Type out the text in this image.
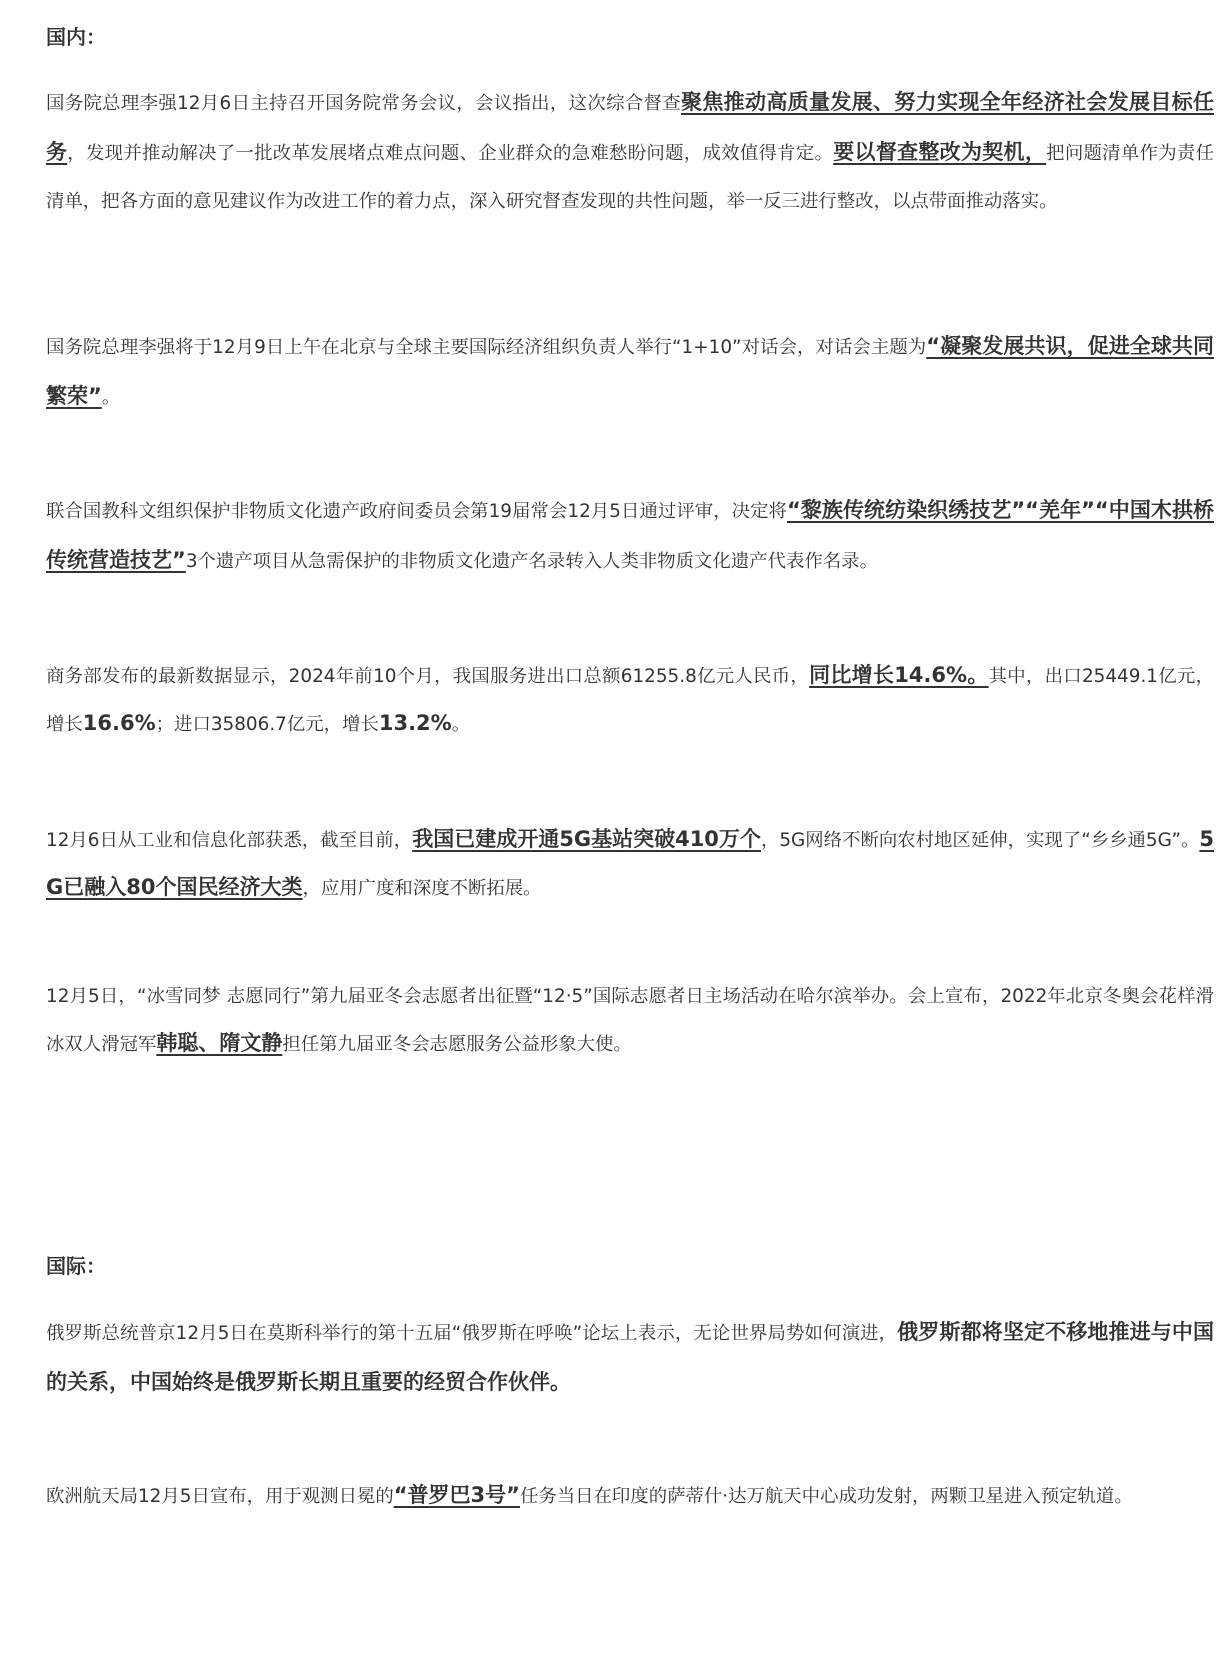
国内：

国务院总理李强12月6日主持召开国务院常务会议，会议指出，这次综合督查聚焦推动高质量发展、努力实现全年经济社会发展目标任务，发现并推动解决了一批改革发展堵点难点问题、企业群众的急难愁盼问题，成效值得肯定。要以督查整改为契机，把问题清单作为责任清单，把各方面的意见建议作为改进工作的着力点，深入研究督查发现的共性问题，举一反三进行整改，以点带面推动落实。

国务院总理李强将于12月9日上午在北京与全球主要国际经济组织负责人举行“1+10”对话会，对话会主题为“凝聚发展共识，促进全球共同繁荣”。

联合国教科文组织保护非物质文化遗产政府间委员会第19届常会12月5日通过评审，决定将“黎族传统纺染织绣技艺”“羌年”“中国木拱桥传统营造技艺”3个遗产项目从急需保护的非物质文化遗产名录转入人类非物质文化遗产代表作名录。

商务部发布的最新数据显示，2024年前10个月，我国服务进出口总额61255.8亿元人民币，同比增长14.6%。其中，出口25449.1亿元，增长16.6%；进口35806.7亿元，增长13.2%。

12月6日从工业和信息化部获悉，截至目前，我国已建成开通5G基站突破410万个，5G网络不断向农村地区延伸，实现了“乡乡通5G”。5G已融入80个国民经济大类，应用广度和深度不断拓展。

12月5日，“冰雪同梦 志愿同行”第九届亚冬会志愿者出征暨“12·5”国际志愿者日主场活动在哈尔滨举办。会上宣布，2022年北京冬奥会花样滑冰双人滑冠军韩聪、隋文静担任第九届亚冬会志愿服务公益形象大使。

国际：

俄罗斯总统普京12月5日在莫斯科举行的第十五届“俄罗斯在呼唤”论坛上表示，无论世界局势如何演进，俄罗斯都将坚定不移地推进与中国的关系，中国始终是俄罗斯长期且重要的经贸合作伙伴。

欧洲航天局12月5日宣布，用于观测日冕的“普罗巴3号”任务当日在印度的萨蒂什·达万航天中心成功发射，两颗卫星进入预定轨道。
